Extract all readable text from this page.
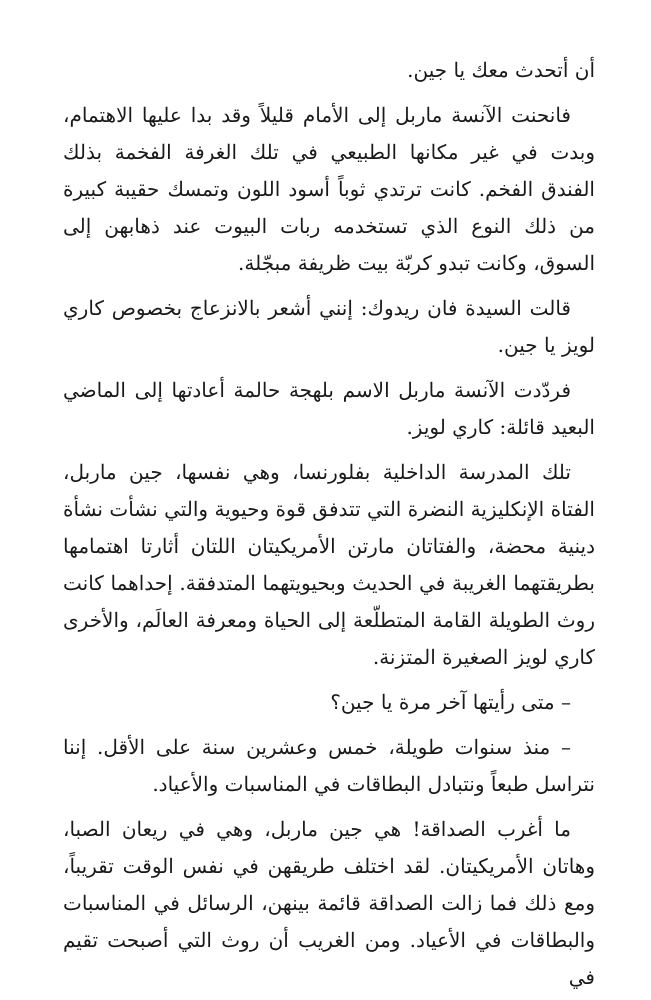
أن أتحدث معك يا جين.

فانحنت الآنسة ماربل إلى الأمام قليلاً وقد بدا عليها الاهتمام، وبدت في غير مكانها الطبيعي في تلك الغرفة الفخمة بذلك الفندق الفخم. كانت ترتدي ثوباً أسود اللون وتمسك حقيبة كبيرة من ذلك النوع الذي تستخدمه ربات البيوت عند ذهابهن إلى السوق، وكانت تبدو كربّة بيت ظريفة مبجّلة.

قالت السيدة فان ريدوك: إنني أشعر بالانزعاج بخصوص كاري لويز يا جين.

فردّدت الآنسة ماربل الاسم بلهجة حالمة أعادتها إلى الماضي البعيد قائلة: كاري لويز.

تلك المدرسة الداخلية بفلورنسا، وهي نفسها، جين ماربل، الفتاة الإنكليزية النضرة التي تتدفق قوة وحيوية والتي نشأت نشأة دينية محضة، والفتاتان مارتن الأمريكيتان اللتان أثارتا اهتمامها بطريقتهما الغريبة في الحديث وبحيويتهما المتدفقة. إحداهما كانت روث الطويلة القامة المتطلّعة إلى الحياة ومعرفة العالَم، والأخرى كاري لويز الصغيرة المتزنة.

– متى رأيتها آخر مرة يا جين؟

– منذ سنوات طويلة، خمس وعشرين سنة على الأقل. إننا نتراسل طبعاً ونتبادل البطاقات في المناسبات والأعياد.

ما أغرب الصداقة! هي جين ماربل، وهي في ريعان الصبا، وهاتان الأمريكيتان. لقد اختلف طريقهن في نفس الوقت تقريباً، ومع ذلك فما زالت الصداقة قائمة بينهن، الرسائل في المناسبات والبطاقات في الأعياد. ومن الغريب أن روث التي أصبحت تقيم في
